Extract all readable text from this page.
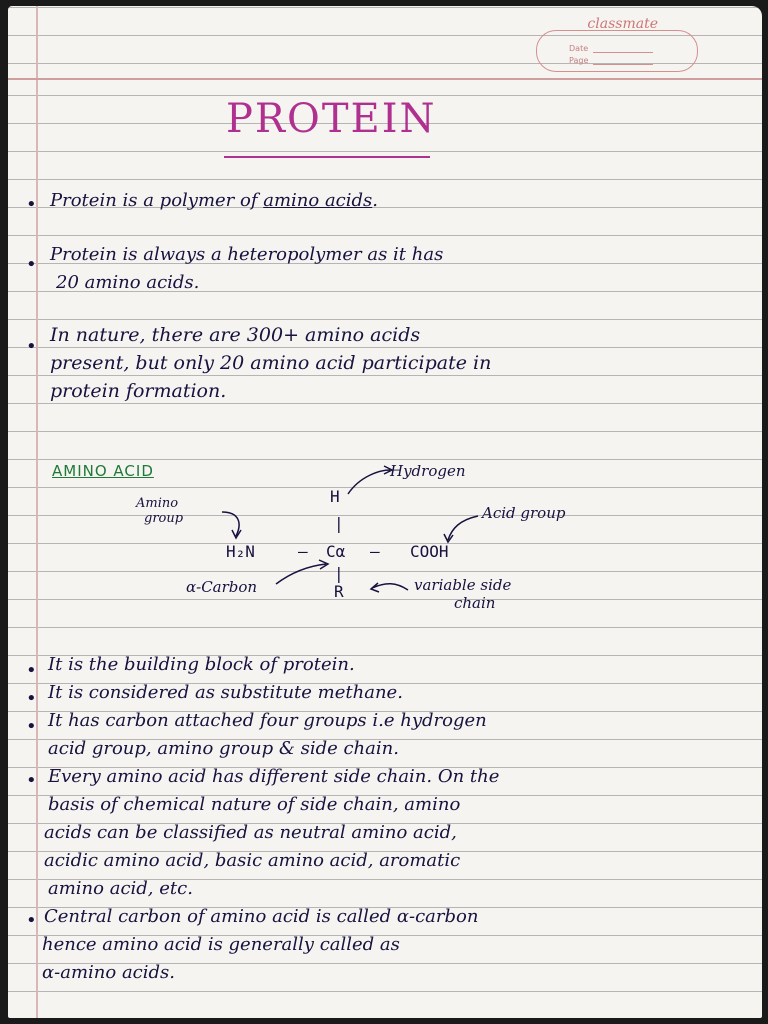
classmate
Date
Page
PROTEIN
• Protein is a polymer of amino acids.
• Protein is always a heteropolymer as it has
20 amino acids.
•
In nature, there are 300+ amino acids
present, but only 20 amino acid participate in
protein formation.
AMINO ACID
H
|
H₂N	— Cα — COOH
|
R
Hydrogen
Amino
group	Acid group
α-Carbon	variable side
chain
• It is the building block of protein.
• It is considered as substitute methane.
• It has carbon attached four groups i.e hydrogen
acid group, amino group & side chain.
• Every amino acid has different side chain. On the
basis of chemical nature of side chain, amino
acids can be classified as neutral amino acid,
acidic amino acid, basic amino acid, aromatic
amino acid, etc.
• Central carbon of amino acid is called α-carbon
hence amino acid is generally called as
α-amino acids.
